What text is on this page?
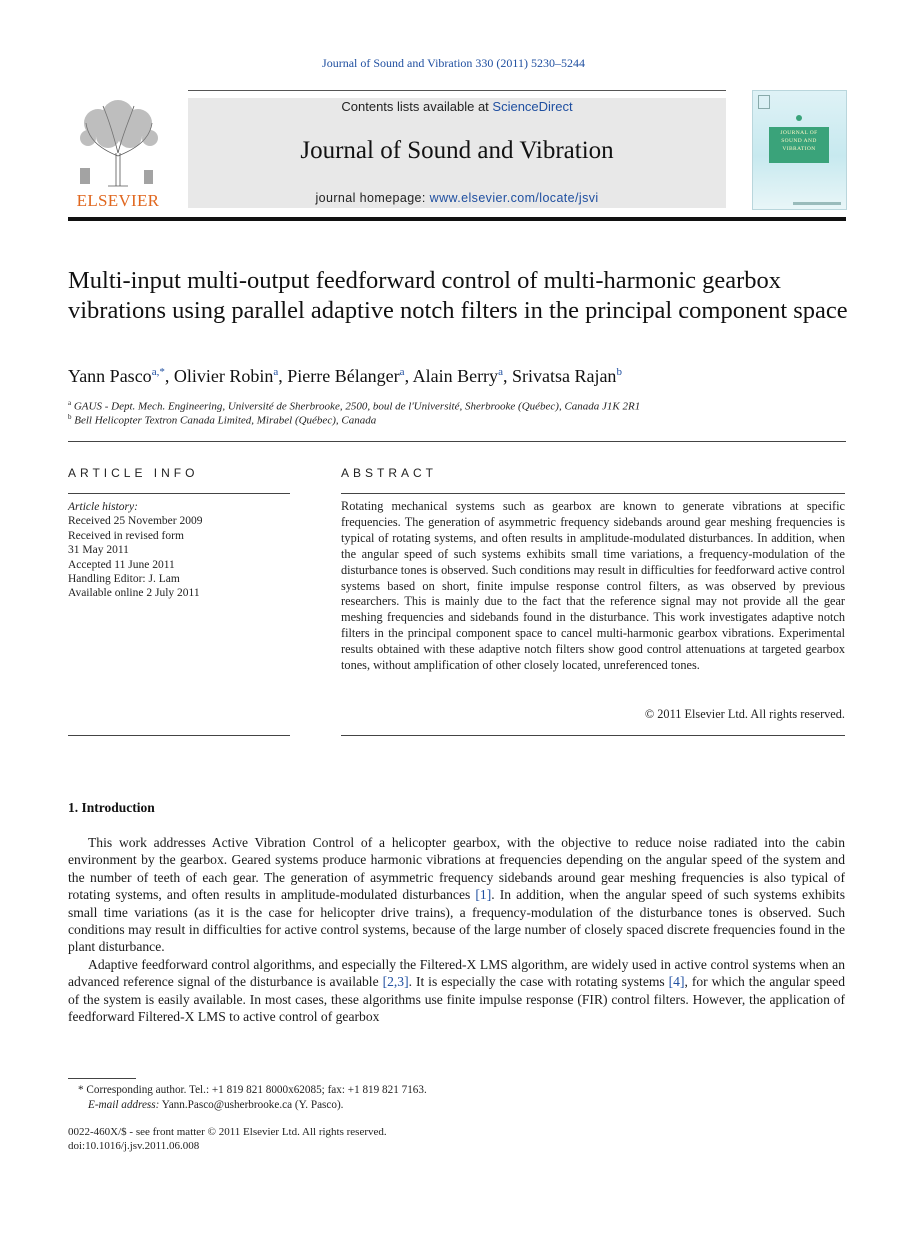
Journal of Sound and Vibration 330 (2011) 5230–5244
ELSEVIER
Contents lists available at ScienceDirect
Journal of Sound and Vibration
journal homepage: www.elsevier.com/locate/jsvi
JOURNAL OF SOUND AND VIBRATION
Multi-input multi-output feedforward control of multi-harmonic gearbox vibrations using parallel adaptive notch filters in the principal component space
Yann Pasco$^{a,*}$, Olivier Robin$^a$, Pierre Bélanger$^a$, Alain Berry$^a$, Srivatsa Rajan$^b$
$^a$ GAUS - Dept. Mech. Engineering, Université de Sherbrooke, 2500, boul de l'Université, Sherbrooke (Québec), Canada J1K 2R1
$^b$ Bell Helicopter Textron Canada Limited, Mirabel (Québec), Canada
ARTICLE INFO
Article history:
Received 25 November 2009
Received in revised form
31 May 2011
Accepted 11 June 2011
Handling Editor: J. Lam
Available online 2 July 2011
ABSTRACT
Rotating mechanical systems such as gearbox are known to generate vibrations at specific frequencies. The generation of asymmetric frequency sidebands around gear meshing frequencies is typical of rotating systems, and often results in amplitude-modulated disturbances. In addition, when the angular speed of such systems exhibits small time variations, a frequency-modulation of the disturbance tones is observed. Such conditions may result in difficulties for feedforward active control systems based on short, finite impulse response control filters, as was observed by previous researchers. This is mainly due to the fact that the reference signal may not provide all the gear meshing frequencies and sidebands found in the disturbance. This work investigates adaptive notch filters in the principal component space to cancel multi-harmonic gearbox vibrations. Experimental results obtained with these adaptive notch filters show good control attenuations at targeted gearbox tones, without amplification of other closely located, unreferenced tones.
© 2011 Elsevier Ltd. All rights reserved.
1. Introduction

This work addresses Active Vibration Control of a helicopter gearbox, with the objective to reduce noise radiated into the cabin environment by the gearbox. Geared systems produce harmonic vibrations at frequencies depending on the angular speed of the system and the number of teeth of each gear. The generation of asymmetric frequency sidebands around gear meshing frequencies is also typical of rotating systems, and often results in amplitude-modulated disturbances [1]. In addition, when the angular speed of such systems exhibits small time variations (as it is the case for helicopter drive trains), a frequency-modulation of the disturbance tones is observed. Such conditions may result in difficulties for active control systems, because of the large number of closely spaced discrete frequencies found in the plant disturbance.

Adaptive feedforward control algorithms, and especially the Filtered-X LMS algorithm, are widely used in active control systems when an advanced reference signal of the disturbance is available [2,3]. It is especially the case with rotating systems [4], for which the angular speed of the system is easily available. In most cases, these algorithms use finite impulse response (FIR) control filters. However, the application of feedforward Filtered-X LMS to active control of gearbox

* Corresponding author. Tel.: +1 819 821 8000x62085; fax: +1 819 821 7163.
E-mail address: Yann.Pasco@usherbrooke.ca (Y. Pasco).
0022-460X/$ - see front matter © 2011 Elsevier Ltd. All rights reserved.
doi:10.1016/j.jsv.2011.06.008
